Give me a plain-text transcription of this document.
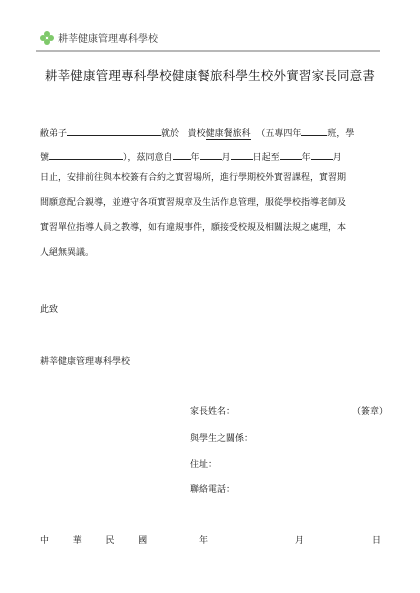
耕莘健康管理專科學校
耕莘健康管理專科學校健康餐旅科學生校外實習家長同意書
敝弟子	就於 貴校健康餐旅科 （五專四年	班，學
號	），茲同意自 年 月 日起至 年 月
日止，安排前往與本校簽有合約之實習場所，進行學期校外實習課程，實習期
間願意配合親導，並遵守各項實習規章及生活作息管理，服從學校指導老師及
實習單位指導人員之教導，如有違規事件，願接受校規及相關法規之處理，本
人絕無異議。
此致
耕莘健康管理專科學校
家長姓名：	（簽章）
與學生之關係：
住址：
聯絡電話：
中  華  民  國	年	月	日
